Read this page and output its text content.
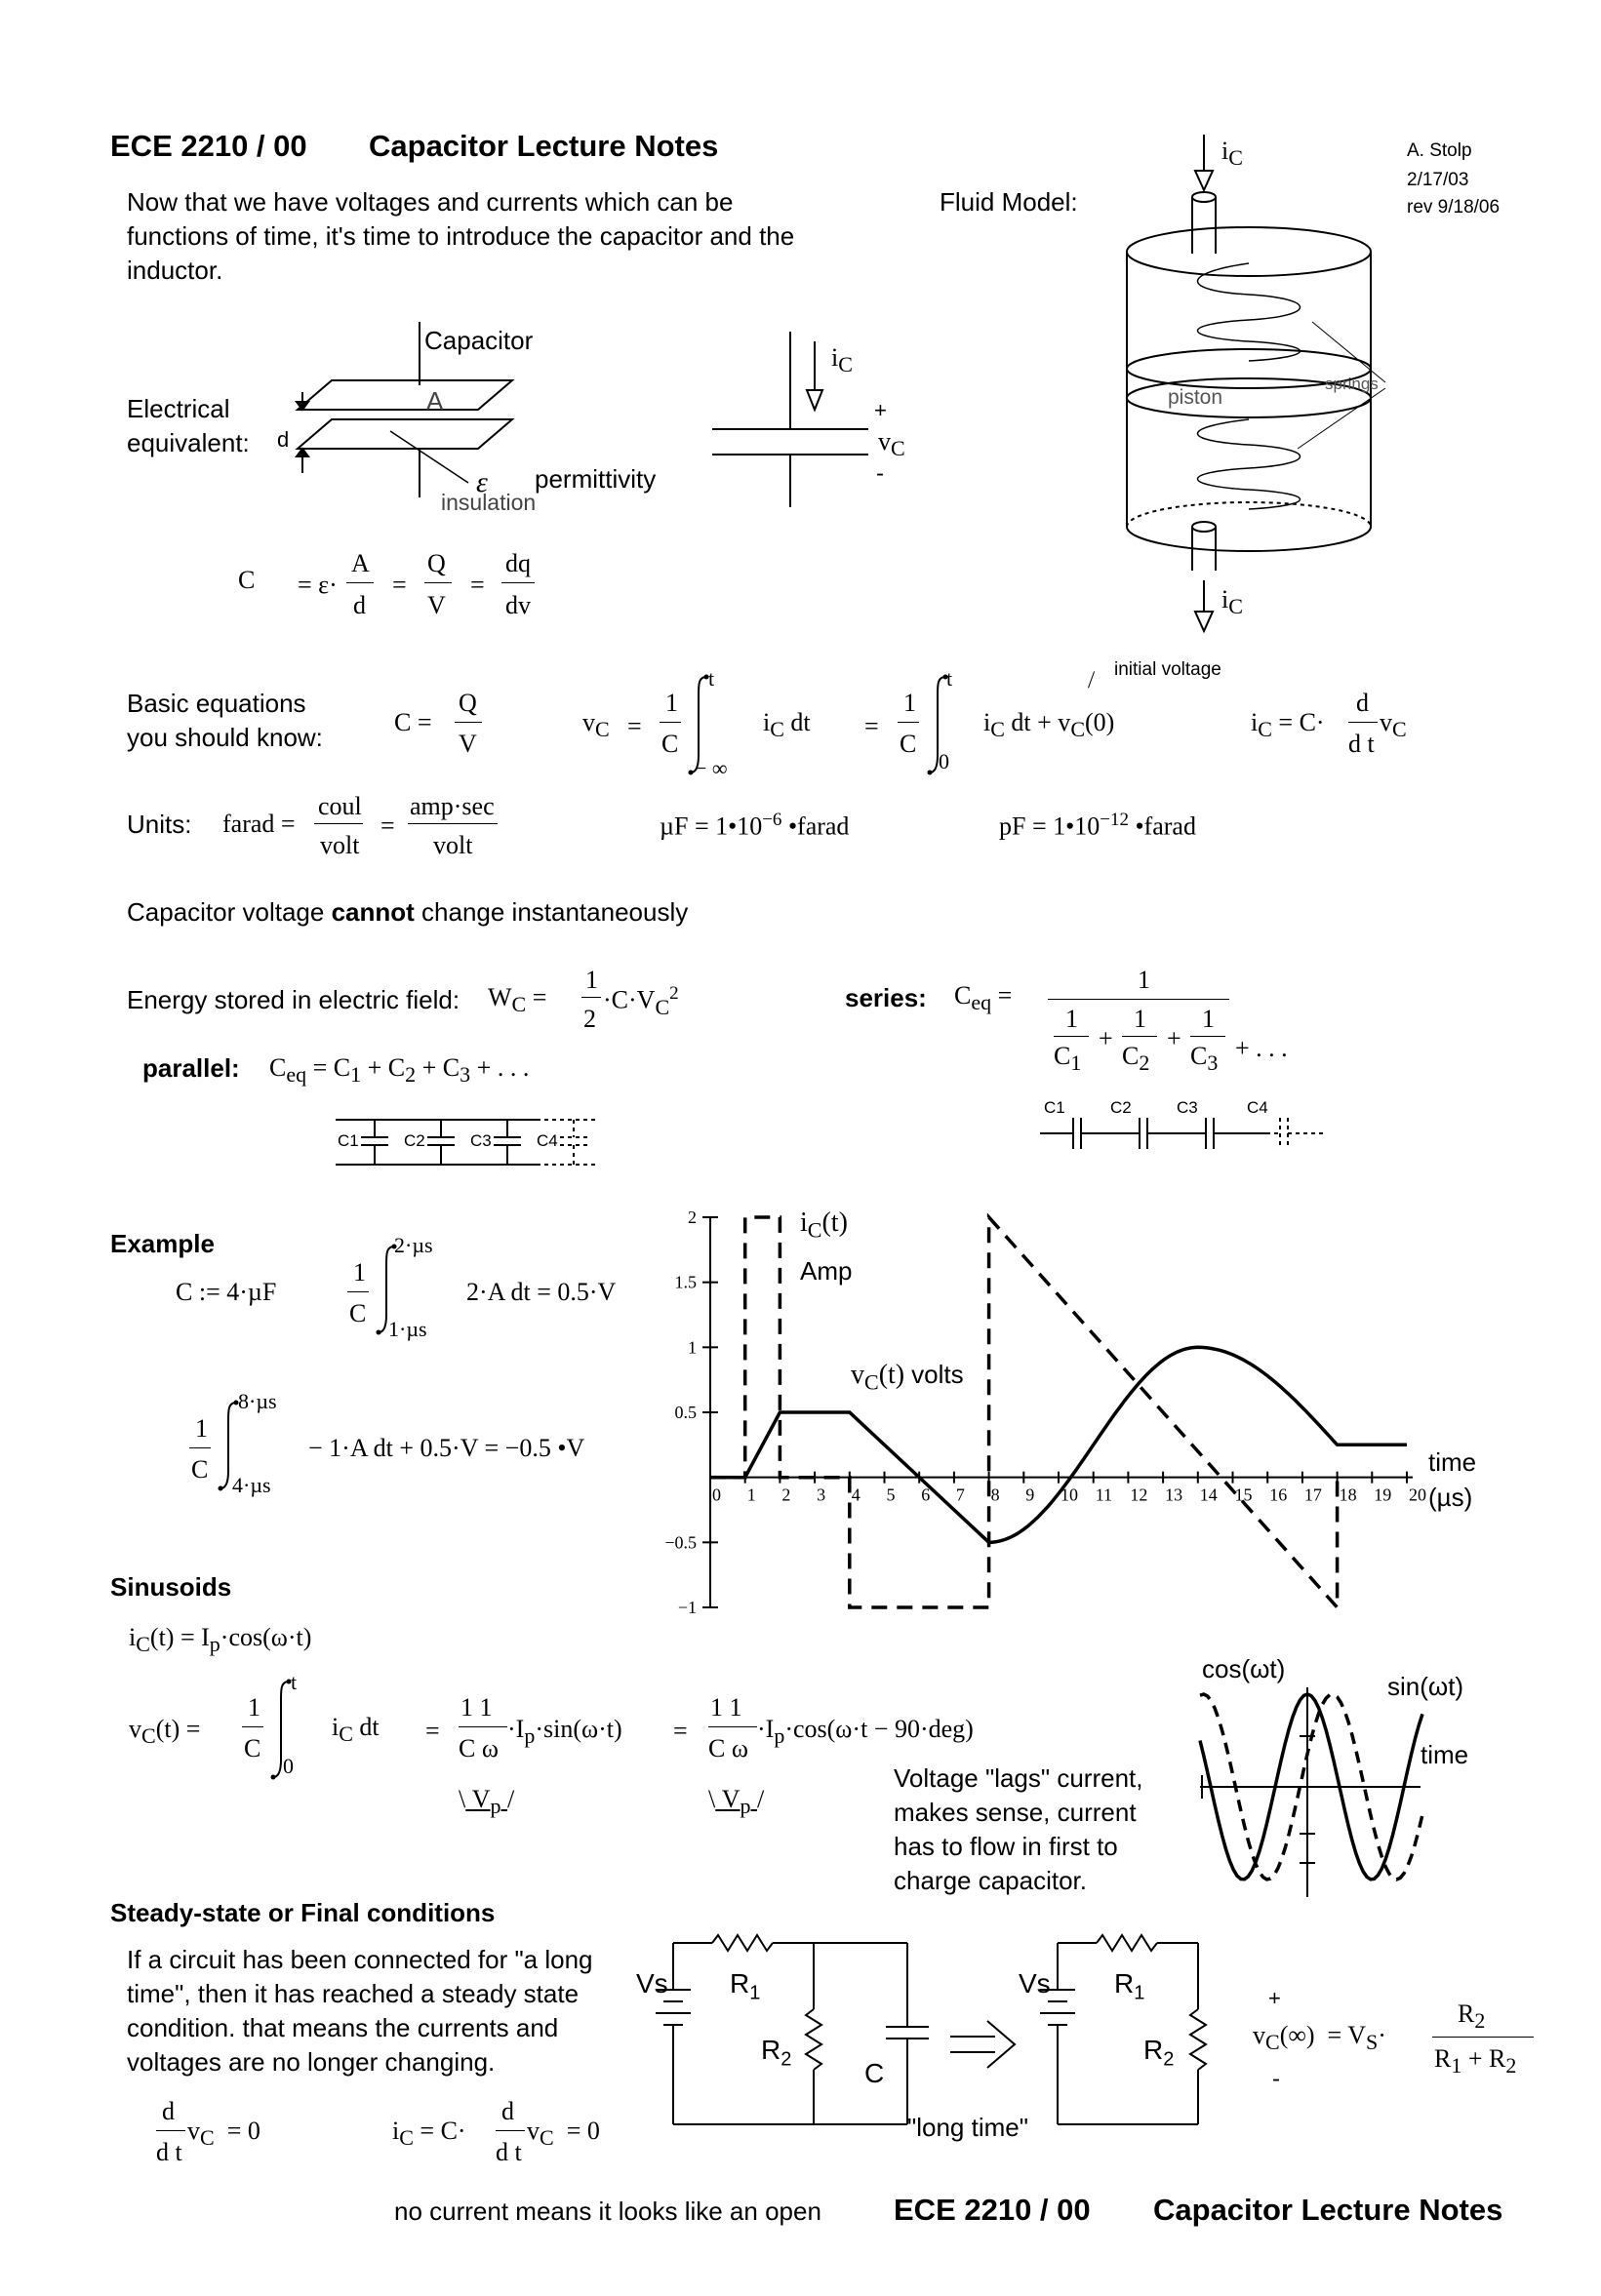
ECE 2210 / 00 Capacitor Lecture Notes	A. Stolp
2/17/03
rev 9/18/06
Now that we have voltages and currents which can be functions of time, it's time to introduce the capacitor and the inductor.
Fluid Model:
$i_C$
piston
springs
$i_C$
Electrical
equivalent:
Capacitor
A
d
ε permittivity
insulation
$i_C$
+
$v_C$
-
C = ε·
A
d
=
Q
V
=
dq
dv
Basic equations
you should know:
initial voltage
C =
Q
V
$v_C$ =
1
C
t
− ∞
$i_C$ dt =
1
C
t
0
$i_C$ dt + $v_C(0)$	$i_C = C\cdot$
d
d t
$v_C$
Units: farad =
coul
volt
=
amp·sec
volt
$\mu F = 1•10^{-6}$ •farad	pF = $1•10^{-12}$ •farad
Capacitor voltage cannot change instantaneously
Energy stored in electric field: $W_C$ =
1
2
$\cdot C\cdot V_C^2$	series: $C_{eq}$ =
1
1 1 1
+ +
$C_1$ $C_2$ $C_3$
+ . . .
C1	C2	C3	C4
parallel: $C_{eq} = C_1 + C_2 + C_3$ + . . .
C1	C2	C3	C4
Example
C := 4·µF
1
C
2·µs
1·µs
2·A dt = 0.5·V
1
C
8·µs
4·µs
− 1·A dt + 0.5·V = −0.5 •V
0 1 2 3 4 5 6 7 8 9 10 11 12 13 14 15 16 17 18 19 20
2
1.5
1
0.5
−0.5
−1
$i_C(t)$
Amp
$v_C(t)$ volts
time
(µs)
Sinusoids
$i_C(t) = I_p\cdot\cos(\omega\cdot t)$
$v_C(t)$ =
1
C
t
0
$i_C$ dt =
1 1
C ω
$\cdot I_p\cdot\sin(\omega\cdot t)$ =
1 1
C ω
$\cdot I_p\cdot\cos(\omega\cdot t - 90\cdot deg)$
\ $V_p$ /	\ $V_p$ /
Voltage "lags" current, makes sense, current has to flow in first to charge capacitor.
cos(ωt)
sin(ωt)
time
Steady-state or Final conditions
If a circuit has been connected for "a long time", then it has reached a steady state condition. that means the currents and voltages are no longer changing.
d
d t
$v_C = 0$	$i_C = C\cdot$
d
d t
$v_C = 0$
no current means it looks like an open
Vs $R_1$
$R_2$	C
"long time"
Vs $R_1$
$R_2$
+
-
$v_C(\infty) = V_S\cdot$
$R_2$
$R_1 + R_2$
ECE 2210 / 00 Capacitor Lecture Notes
